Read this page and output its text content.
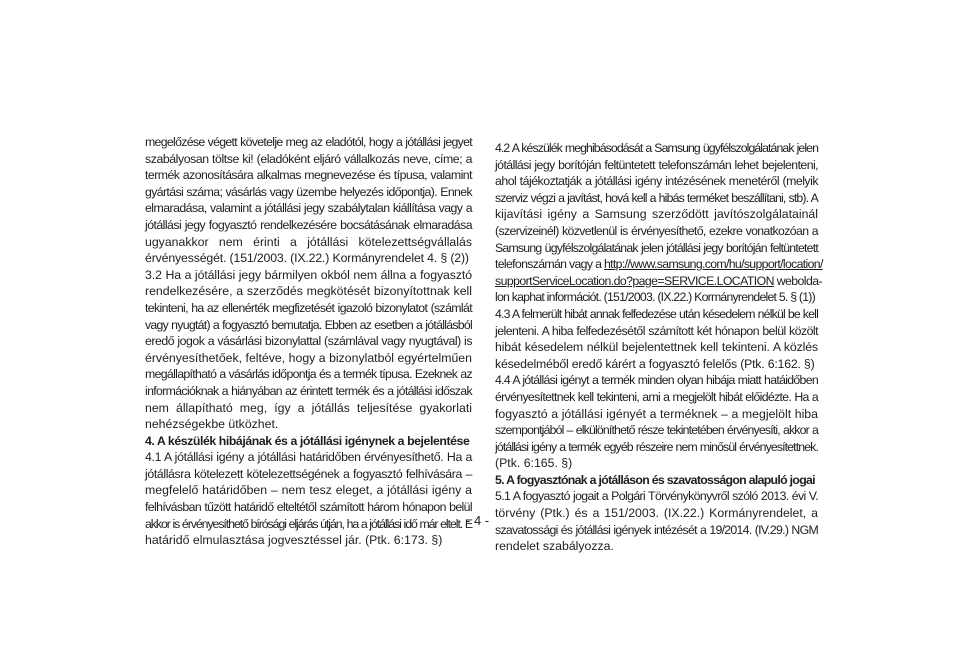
megelőzése végett követelje meg az eladótól, hogy a jótállási jegyet
szabályosan töltse ki! (eladóként eljáró vállalkozás neve, címe; a
termék azonosítására alkalmas megnevezése és típusa, valamint
gyártási száma; vásárlás vagy üzembe helyezés időpontja). Ennek
elmaradása, valamint a jótállási jegy szabálytalan kiállítása vagy a
jótállási jegy fogyasztó rendelkezésére bocsátásának elmaradása
ugyanakkor nem érinti a jótállási kötelezettségvállalás
érvényességét. (151/2003. (IX.22.) Kormányrendelet 4. § (2))
3.2 Ha a jótállási jegy bármilyen okból nem állna a fogyasztó
rendelkezésére, a szerződés megkötését bizonyítottnak kell
tekinteni, ha az ellenérték megfizetését igazoló bizonylatot (számlát
vagy nyugtát) a fogyasztó bemutatja. Ebben az esetben a jótállásból
eredő jogok a vásárlási bizonylattal (számlával vagy nyugtával) is
érvényesíthetőek, feltéve, hogy a bizonylatból egyértelműen
megállapítható a vásárlás időpontja és a termék típusa. Ezeknek az
információknak a hiányában az érintett termék és a jótállási időszak
nem állapítható meg, így a jótállás teljesítése gyakorlati
nehézségekbe ütközhet.
4. A készülék hibájának és a jótállási igénynek a bejelentése
4.1 A jótállási igény a jótállási határidőben érvényesíthető. Ha a
jótállásra kötelezett kötelezettségének a fogyasztó felhívására –
megfelelő határidőben – nem tesz eleget, a jótállási igény a
felhívásban tűzött határidő elteltétől számított három hónapon belül
akkor is érvényesíthető bírósági eljárás útján, ha a jótállási idő már eltelt. E
határidő elmulasztása jogvesztéssel jár. (Ptk. 6:173. §)
4.2 A készülék meghibásodását a Samsung ügyfélszolgálatának jelen
jótállási jegy borítóján feltüntetett telefonszámán lehet bejelenteni,
ahol tájékoztatják a jótállási igény intézésének menetéről (melyik
szerviz végzi a javítást, hová kell a hibás terméket beszállítani, stb). A
kijavítási igény a Samsung szerződött javítószolgálatainál
(szervizeinél) közvetlenül is érvényesíthető, ezekre vonatkozóan a
Samsung ügyfélszolgálatának jelen jótállási jegy borítóján feltüntetett
telefonszámán vagy a http://www.samsung.com/hu/support/location/
supportServiceLocation.do?page=SERVICE.LOCATION webolda-
lon kaphat információt. (151/2003. (IX.22.) Kormányrendelet 5. § (1))
4.3 A felmerült hibát annak felfedezése után késedelem nélkül be kell
jelenteni. A hiba felfedezésétől számított két hónapon belül közölt
hibát késedelem nélkül bejelentettnek kell tekinteni. A közlés
késedelméből eredő kárért a fogyasztó felelős (Ptk. 6:162. §)
4.4 A jótállási igényt a termék minden olyan hibája miatt hatáidőben
érvényesítettnek kell tekinteni, ami a megjelölt hibát előidézte. Ha a
fogyasztó a jótállási igényét a terméknek – a megjelölt hiba
szempontjából – elkülöníthető része tekintetében érvényesíti, akkor a
jótállási igény a termék egyéb részeire nem minősül érvényesítettnek.
(Ptk. 6:165. §)
5. A fogyasztónak a jótálláson és szavatosságon alapuló jogai
5.1 A fogyasztó jogait a Polgári Törvénykönyvről szóló 2013. évi V.
törvény (Ptk.) és a 151/2003. (IX.22.) Kormányrendelet, a
szavatossági és jótállási igények intézését a 19/2014. (IV.29.) NGM
rendelet szabályozza.
- 4 -
